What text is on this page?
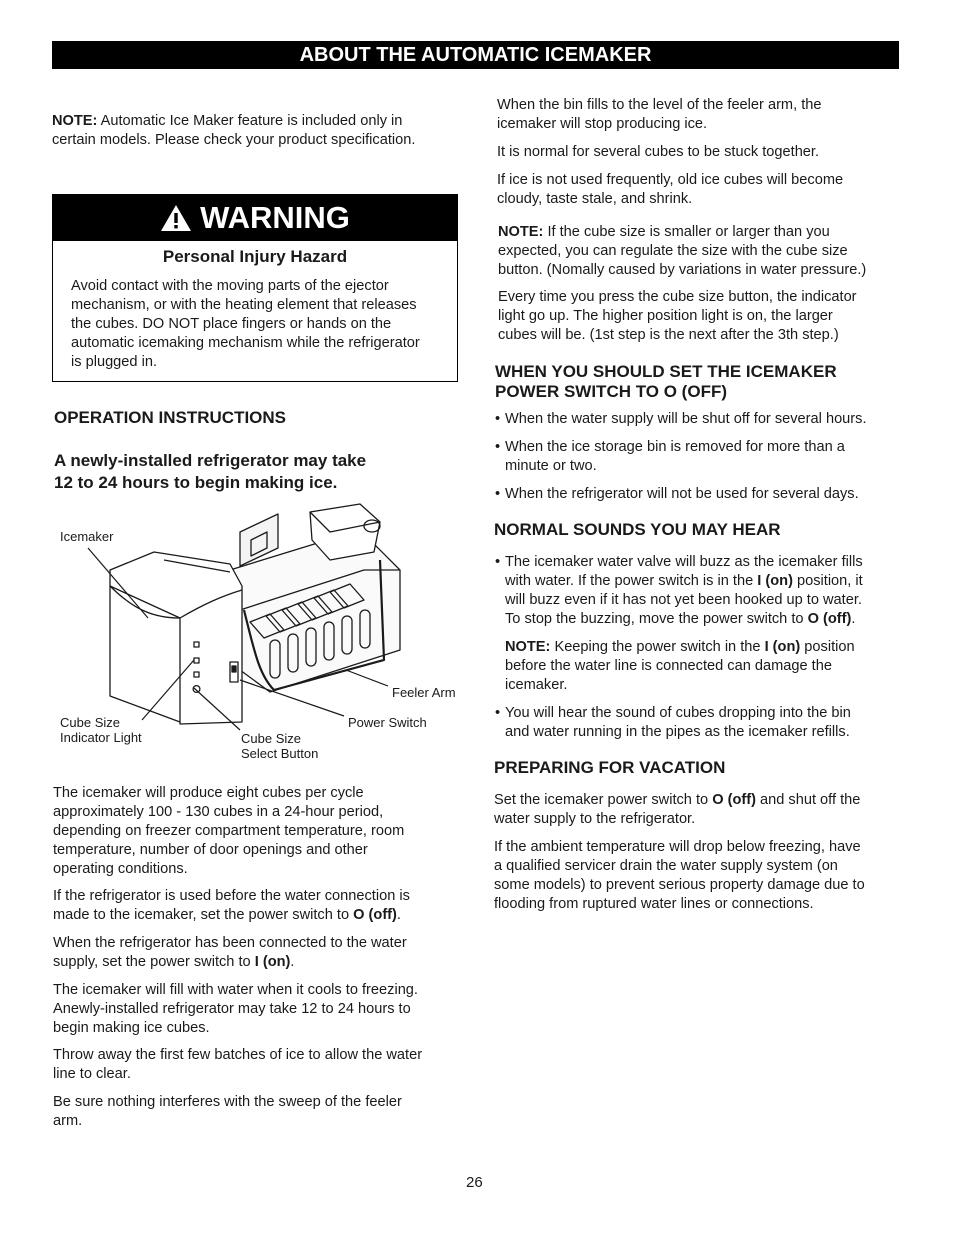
ABOUT THE AUTOMATIC ICEMAKER

NOTE: Automatic Ice Maker feature is included only in
certain models. Please check your product specification.

WARNING
Personal Injury Hazard
Avoid contact with the moving parts of the ejector
mechanism, or with the heating element that releases
the cubes. DO NOT place fingers or hands on the
automatic icemaking mechanism while the refrigerator
is plugged in.
OPERATION INSTRUCTIONS
A newly-installed refrigerator may take
12 to 24 hours to begin making ice.
Icemaker
Feeler Arm
Power Switch
Cube Size
Indicator Light	Cube Size
Select Button

The icemaker will produce eight cubes per cycle
approximately 100 - 130 cubes in a 24-hour period,
depending on freezer compartment temperature, room
temperature, number of door openings and other
operating conditions.

If the refrigerator is used before the water connection is
made to the icemaker, set the power switch to O (off).

When the refrigerator has been connected to the water
supply, set the power switch to I (on).

The icemaker will fill with water when it cools to freezing.
Anewly-installed refrigerator may take 12 to 24 hours to
begin making ice cubes.

Throw away the first few batches of ice to allow the water
line to clear.

Be sure nothing interferes with the sweep of the feeler
arm.

When the bin fills to the level of the feeler arm, the
icemaker will stop producing ice.

It is normal for several cubes to be stuck together.

If ice is not used frequently, old ice cubes will become
cloudy, taste stale, and shrink.

NOTE: If the cube size is smaller or larger than you
expected, you can regulate the size with the cube size
button. (Nomally caused by variations in water pressure.)

Every time you press the cube size button, the indicator
light go up. The higher position light is on, the larger
cubes will be. (1st step is the next after the 3th step.)

WHEN YOU SHOULD SET THE ICEMAKER
POWER SWITCH TO O (OFF)
• When the water supply will be shut off for several hours.
• When the ice storage bin is removed for more than a
minute or two.
• When the refrigerator will not be used for several days.
NORMAL SOUNDS YOU MAY HEAR
• The icemaker water valve will buzz as the icemaker fills
with water. If the power switch is in the I (on) position, it
will buzz even if it has not yet been hooked up to water.
To stop the buzzing, move the power switch to O (off).
NOTE: Keeping the power switch in the I (on) position
before the water line is connected can damage the
icemaker.
• You will hear the sound of cubes dropping into the bin
and water running in the pipes as the icemaker refills.
PREPARING FOR VACATION

Set the icemaker power switch to O (off) and shut off the
water supply to the refrigerator.

If the ambient temperature will drop below freezing, have
a qualified servicer drain the water supply system (on
some models) to prevent serious property damage due to
flooding from ruptured water lines or connections.

26
